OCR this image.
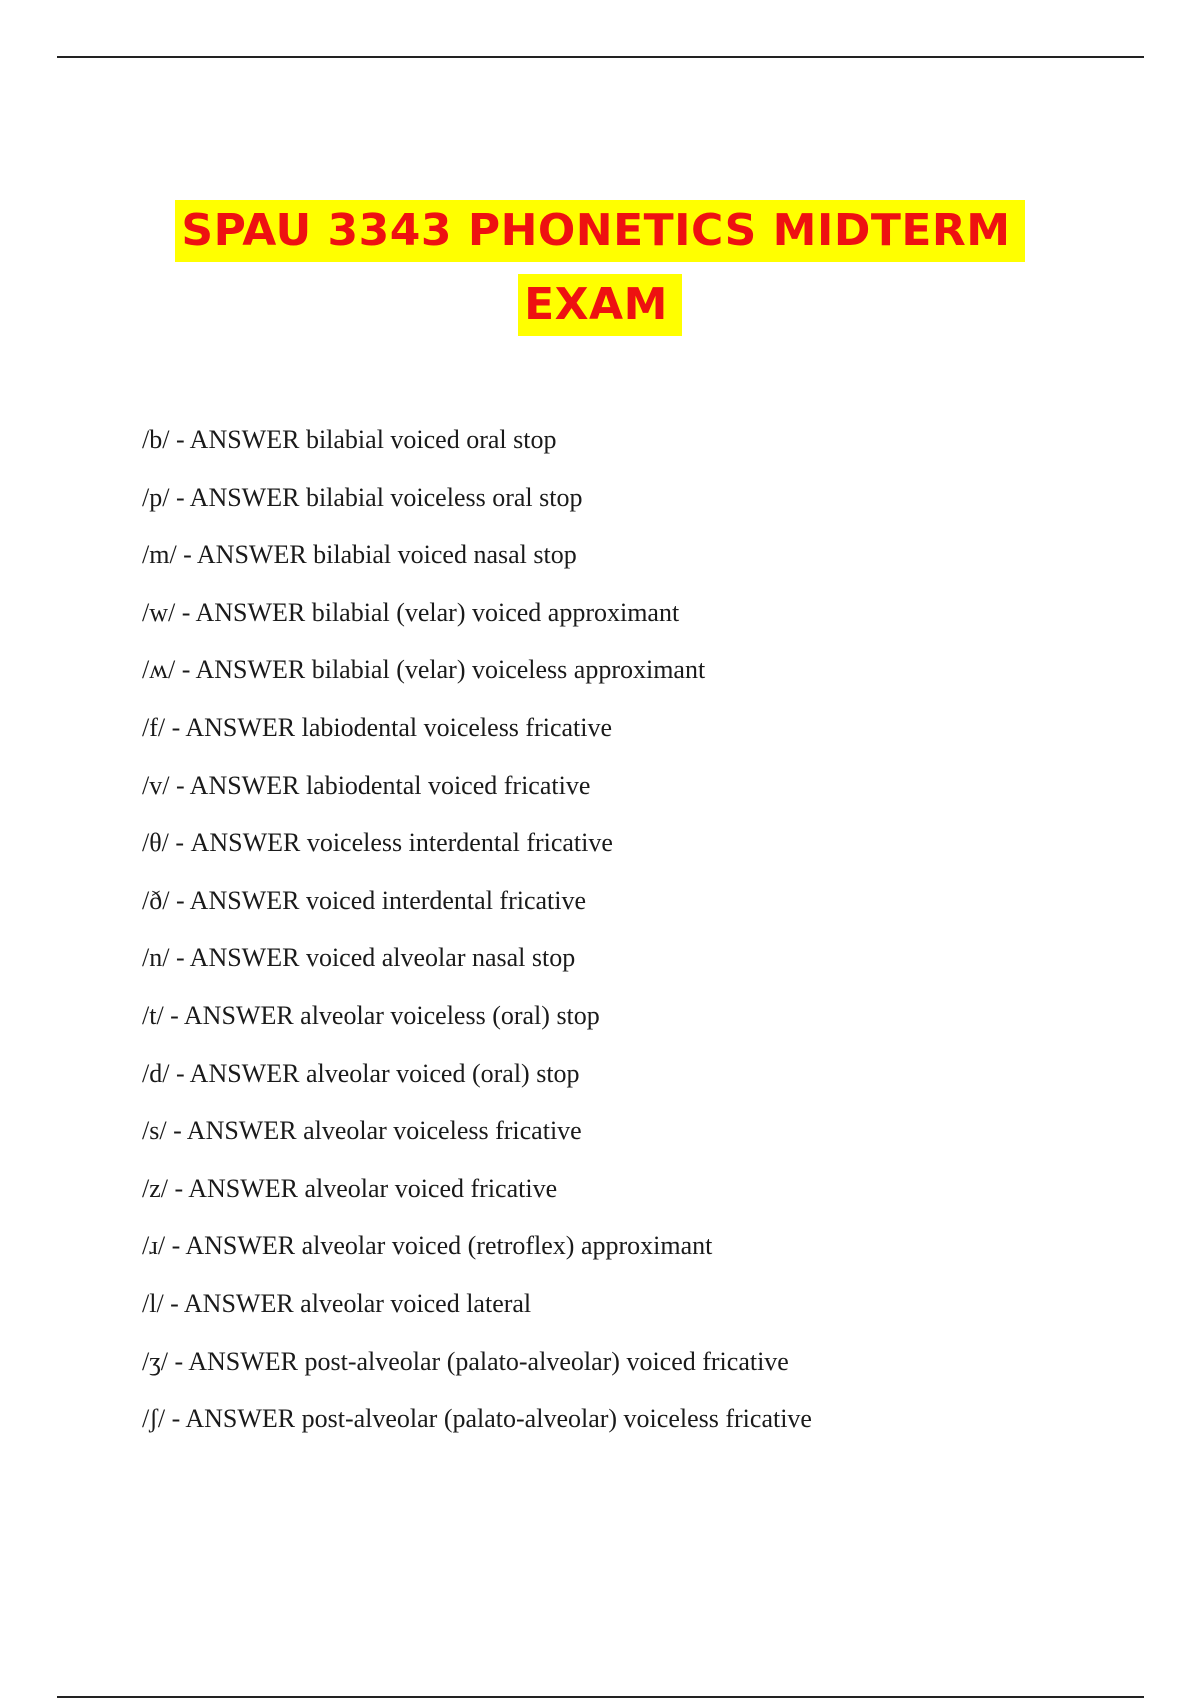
SPAU 3343 PHONETICS MIDTERM
EXAM
/b/ - ANSWER bilabial voiced oral stop
/p/ - ANSWER bilabial voiceless oral stop
/m/ - ANSWER bilabial voiced nasal stop
/w/ - ANSWER bilabial (velar) voiced approximant
/ʍ/ - ANSWER bilabial (velar) voiceless approximant
/f/ - ANSWER labiodental voiceless fricative
/v/ - ANSWER labiodental voiced fricative
/θ/ - ANSWER voiceless interdental fricative
/ð/ - ANSWER voiced interdental fricative
/n/ - ANSWER voiced alveolar nasal stop
/t/ - ANSWER alveolar voiceless (oral) stop
/d/ - ANSWER alveolar voiced (oral) stop
/s/ - ANSWER alveolar voiceless fricative
/z/ - ANSWER alveolar voiced fricative
/ɹ/ - ANSWER alveolar voiced (retroflex) approximant
/l/ - ANSWER alveolar voiced lateral
/ʒ/ - ANSWER post-alveolar (palato-alveolar) voiced fricative
/ʃ/ - ANSWER post-alveolar (palato-alveolar) voiceless fricative
